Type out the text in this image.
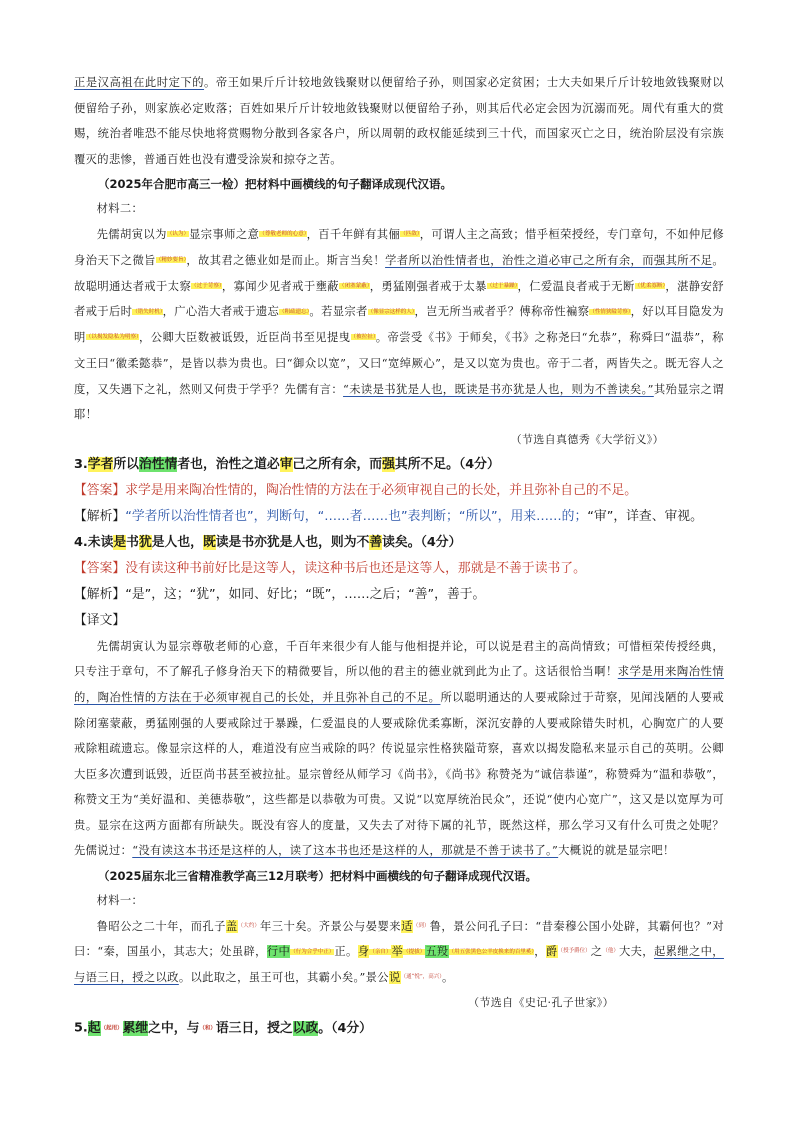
正是汉高祖在此时定下的。帝王如果斤斤计较地敛钱聚财以便留给子孙，则国家必定贫困；士大夫如果斤斤计较地敛钱聚财以便留给子孙，则家族必定败落；百姓如果斤斤计较地敛钱聚财以便留给子孙，则其后代必定会因为沉溺而死。周代有重大的赏赐，统治者唯恐不能尽快地将赏赐物分散到各家各户，所以周朝的政权能延续到三十代，而国家灭亡之日，统治阶层没有宗族覆灭的悲惨，普通百姓也没有遭受涂炭和掠夺之苦。

（2025年合肥市高三一检）把材料中画横线的句子翻译成现代汉语。

材料二：

先儒胡寅以为（认为）显宗事师之意（尊敬老师的心意），百千年鲜有其俪（匹敌），可谓人主之高致；惜乎桓荣授经，专门章句，不如仲尼修身治天下之微旨（精妙要旨），故其君之德业如是而止。斯言当矣！学者所以治性情者也，治性之道必审己之所有余，而强其所不足。故聪明通达者戒于太察（过于苛察），寡闻少见者戒于壅蔽（闭塞蒙蔽），勇猛刚强者戒于太暴（过于暴躁），仁爱温良者戒于无断（优柔寡断），湛静安舒者戒于后时（错失时机），广心浩大者戒于遗忘（粗疏遗忘）。若显宗者（像显宗这样的人），岂无所当戒者乎？傅称帝性褊察（性情狭隘苛察），好以耳目隐发为明（以揭发隐私为明察），公卿大臣数被诋毁，近臣尚书至见提曳（被拉扯）。帝尝受《书》于师矣，《书》之称尧曰“允恭”，称舜曰“温恭”，称文王曰“徽柔懿恭”，是皆以恭为贵也。曰“御众以宽”，又曰“宽绰厥心”，是又以宽为贵也。帝于二者，两皆失之。既无容人之度，又失遇下之礼，然则又何贵于学乎？先儒有言：“未读是书犹是人也，既读是书亦犹是人也，则为不善读矣。”其殆显宗之谓耶！

（节选自真德秀《大学衍义》）

3.学者所以治性情者也，治性之道必审己之所有余，而强其所不足。（4分）

【答案】求学是用来陶冶性情的，陶冶性情的方法在于必须审视自己的长处，并且弥补自己的不足。

【解析】“学者所以治性情者也”，判断句，“……者……也”表判断；“所以”，用来……的；“审”，详查、审视。

4.未读是书犹是人也，既读是书亦犹是人也，则为不善读矣。（4分）

【答案】没有读这种书前好比是这等人，读这种书后也还是这等人，那就是不善于读书了。

【解析】“是”，这；“犹”，如同、好比；“既”，……之后；“善”，善于。

【译文】

先儒胡寅认为显宗尊敬老师的心意，千百年来很少有人能与他相提并论，可以说是君主的高尚情致；可惜桓荣传授经典，只专注于章句，不了解孔子修身治天下的精微要旨，所以他的君主的德业就到此为止了。这话很恰当啊！求学是用来陶冶性情的，陶冶性情的方法在于必须审视自己的长处，并且弥补自己的不足。所以聪明通达的人要戒除过于苛察，见闻浅陋的人要戒除闭塞蒙蔽，勇猛刚强的人要戒除过于暴躁，仁爱温良的人要戒除优柔寡断，深沉安静的人要戒除错失时机，心胸宽广的人要戒除粗疏遗忘。像显宗这样的人，难道没有应当戒除的吗？传说显宗性格狭隘苛察，喜欢以揭发隐私来显示自己的英明。公卿大臣多次遭到诋毁，近臣尚书甚至被拉扯。显宗曾经从师学习《尚书》，《尚书》称赞尧为“诚信恭谨”，称赞舜为“温和恭敬”，称赞文王为“美好温和、美德恭敬”，这些都是以恭敬为可贵。又说“以宽厚统治民众”，还说“使内心宽广”，这又是以宽厚为可贵。显宗在这两方面都有所缺失。既没有容人的度量，又失去了对待下属的礼节，既然这样，那么学习又有什么可贵之处呢？先儒说过：“没有读这本书还是这样的人，读了这本书也还是这样的人，那就是不善于读书了。”大概说的就是显宗吧！

（2025届东北三省精准教学高三12月联考）把材料中画横线的句子翻译成现代汉语。

材料一：

鲁昭公之二十年，而孔子盖（大约）年三十矣。齐景公与晏婴来适（到）鲁，景公问孔子曰：“昔秦穆公国小处辟，其霸何也？”对曰：“秦，国虽小，其志大；处虽辟，行中（行为合乎中正）正。身（亲自）举（提拔）五羖（用五张黑色公羊皮换来的百里奚），爵（授予爵位）之（他）大夫，起累绁之中，与语三日，授之以政。以此取之，虽王可也，其霸小矣。”景公说（通“悦”，高兴）。

（节选自《史记·孔子世家》）

5.起（起用）累绁之中，与（和）语三日，授之以政。（4分）
